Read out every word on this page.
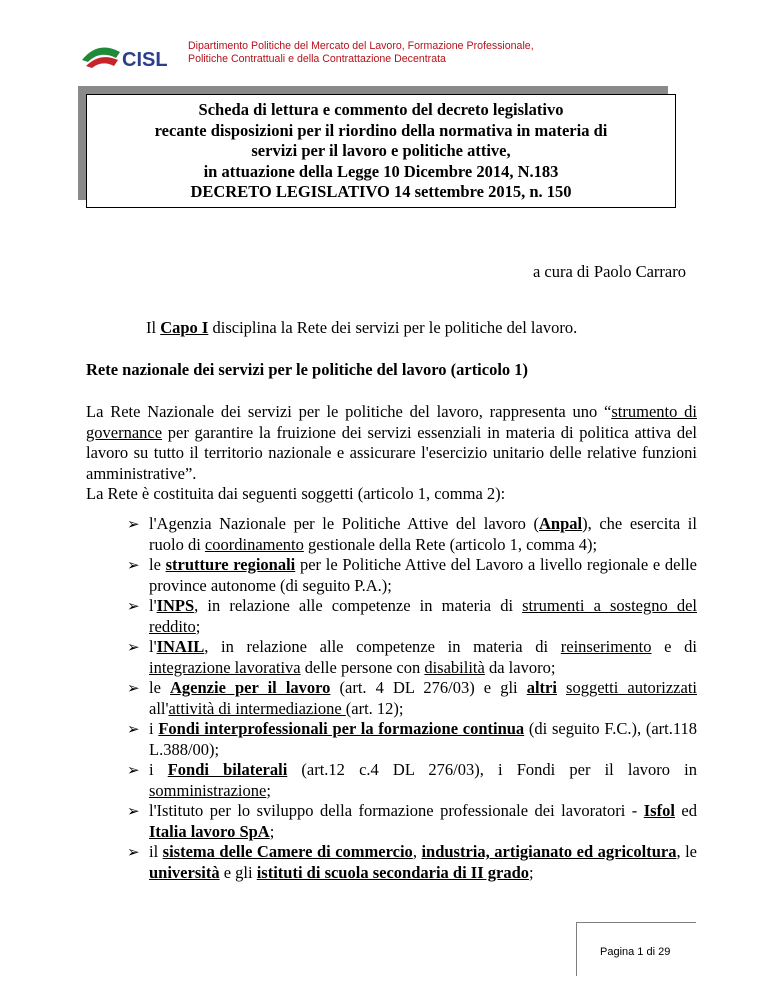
CISL
Dipartimento Politiche del Mercato del Lavoro, Formazione Professionale,
Politiche Contrattuali e della Contrattazione Decentrata
Scheda di lettura e commento del decreto legislativo
recante disposizioni per il riordino della normativa in materia di
servizi per il lavoro e politiche attive,
in attuazione della Legge 10 Dicembre 2014, N.183
DECRETO LEGISLATIVO 14 settembre 2015, n. 150
a cura di Paolo Carraro
Il Capo I disciplina la Rete dei servizi per le politiche del lavoro.
Rete nazionale dei servizi per le politiche del lavoro (articolo 1)
La Rete Nazionale dei servizi per le politiche del lavoro, rappresenta uno “strumento di governance per garantire la fruizione dei servizi essenziali in materia di politica attiva del lavoro su tutto il territorio nazionale e assicurare l'esercizio unitario delle relative funzioni amministrative”.
La Rete è costituita dai seguenti soggetti (articolo 1, comma 2):
➢ l'Agenzia Nazionale per le Politiche Attive del lavoro (Anpal), che esercita il ruolo di coordinamento gestionale della Rete (articolo 1, comma 4);
➢ le strutture regionali per le Politiche Attive del Lavoro a livello regionale e delle province autonome (di seguito P.A.);
➢ l'INPS, in relazione alle competenze in materia di strumenti a sostegno del reddito;
➢ l'INAIL, in relazione alle competenze in materia di reinserimento e di integrazione lavorativa delle persone con disabilità da lavoro;
➢ le Agenzie per il lavoro (art. 4 DL 276/03) e gli altri soggetti autorizzati all'attività di intermediazione (art. 12);
➢ i Fondi interprofessionali per la formazione continua (di seguito F.C.), (art.118 L.388/00);
➢ i Fondi bilaterali (art.12 c.4 DL 276/03), i Fondi per il lavoro in somministrazione;
➢ l'Istituto per lo sviluppo della formazione professionale dei lavoratori - Isfol ed Italia lavoro SpA;
➢ il sistema delle Camere di commercio, industria, artigianato ed agricoltura, le università e gli istituti di scuola secondaria di II grado;
Pagina 1 di 29
